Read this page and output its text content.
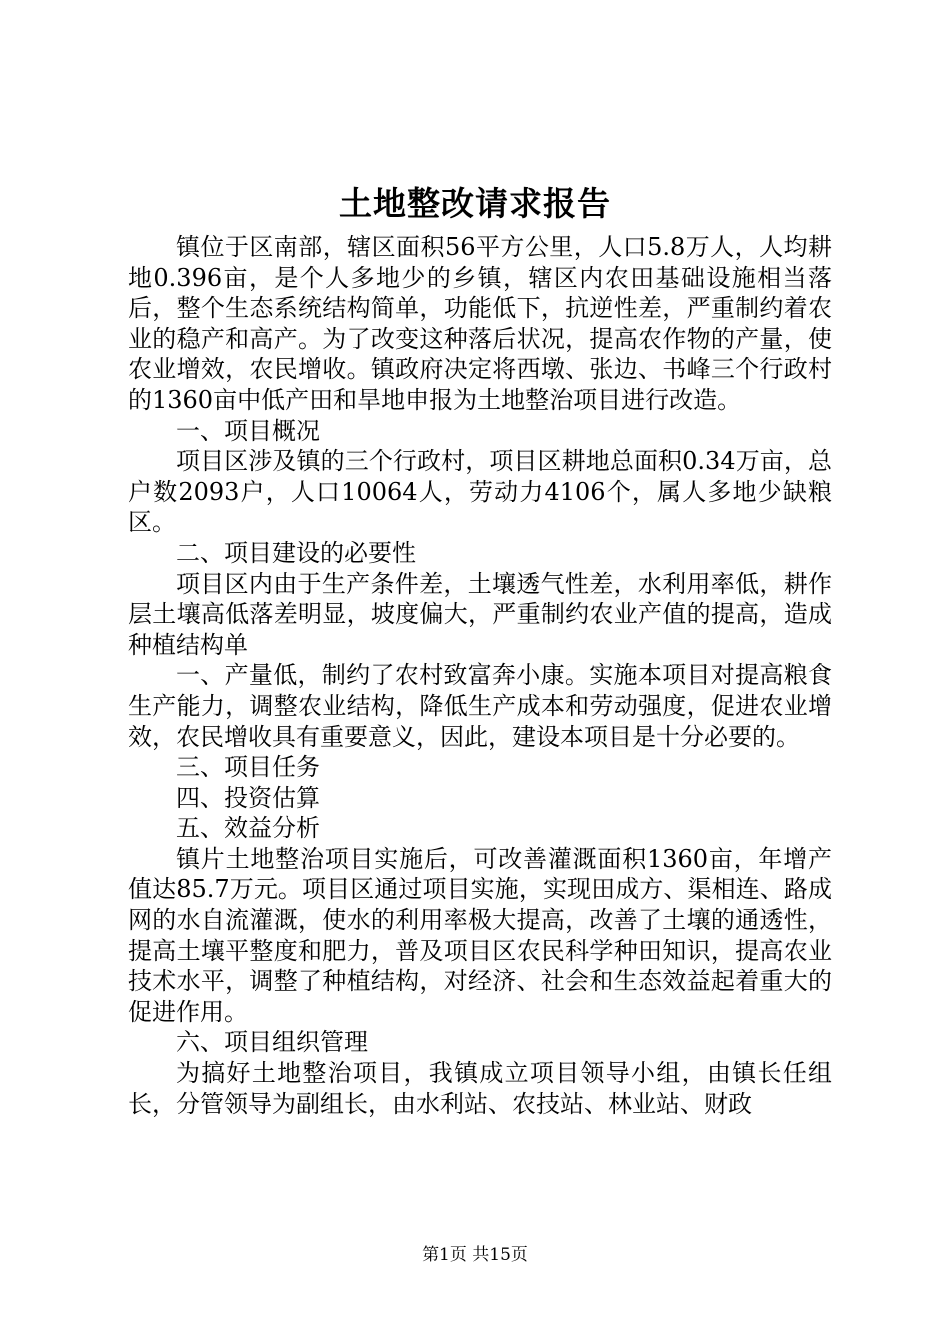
土地整改请求报告

镇位于区南部，辖区面积56平方公里，人口5.8万人，人均耕地0.396亩，是个人多地少的乡镇，辖区内农田基础设施相当落后，整个生态系统结构简单，功能低下，抗逆性差，严重制约着农业的稳产和高产。为了改变这种落后状况，提高农作物的产量，使农业增效，农民增收。镇政府决定将西墩、张边、书峰三个行政村的1360亩中低产田和旱地申报为土地整治项目进行改造。

一、项目概况

项目区涉及镇的三个行政村，项目区耕地总面积0.34万亩，总户数2093户，人口10064人，劳动力4106个，属人多地少缺粮区。

二、项目建设的必要性

项目区内由于生产条件差，土壤透气性差，水利用率低，耕作层土壤高低落差明显，坡度偏大，严重制约农业产值的提高，造成种植结构单

一、产量低，制约了农村致富奔小康。实施本项目对提高粮食生产能力，调整农业结构，降低生产成本和劳动强度，促进农业增效，农民增收具有重要意义，因此，建设本项目是十分必要的。

三、项目任务

四、投资估算

五、效益分析

镇片土地整治项目实施后，可改善灌溉面积1360亩，年增产值达85.7万元。项目区通过项目实施，实现田成方、渠相连、路成网的水自流灌溉，使水的利用率极大提高，改善了土壤的通透性，提高土壤平整度和肥力，普及项目区农民科学种田知识，提高农业技术水平，调整了种植结构，对经济、社会和生态效益起着重大的促进作用。

六、项目组织管理

为搞好土地整治项目，我镇成立项目领导小组，由镇长任组长，分管领导为副组长，由水利站、农技站、林业站、财政

第1页 共15页
